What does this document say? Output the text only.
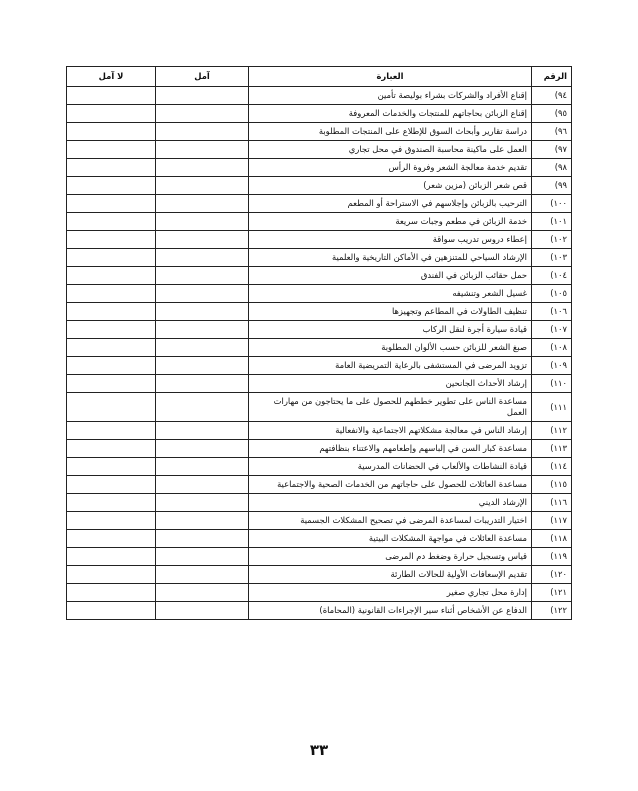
الرقم	العبارة	آمل	لا آمل
٩٤)	إقناع الأفراد والشركات بشراء بوليصة تأمين		
٩٥)	إقناع الزبائن بحاجاتهم للمنتجات والخدمات المعروفة		
٩٦)	دراسة تقارير وأبحاث السوق للإطلاع على المنتجات المطلوبة		
٩٧)	العمل على ماكينة محاسبة الصندوق في محل تجاري		
٩٨)	تقديم خدمة معالجة الشعر وفروة الرأس		
٩٩)	قص شعر الزبائن (مزين شعر)		
١٠٠)	الترحيب بالزبائن وإجلاسهم في الاستراحة أو المطعم		
١٠١)	خدمة الزبائن في مطعم وجبات سريعة		
١٠٢)	إعطاء دروس تدريب سواقة		
١٠٣)	الإرشاد السياحي للمتنزهين في الأماكن التاريخية والعلمية		
١٠٤)	حمل حقائب الزبائن في الفندق		
١٠٥)	غسيل الشعر وتنشيفه		
١٠٦)	تنظيف الطاولات في المطاعم وتجهيزها		
١٠٧)	قيادة سيارة أجرة لنقل الركاب		
١٠٨)	صبغ الشعر للزبائن حسب الألوان المطلوبة		
١٠٩)	تزويد المرضى في المستشفى بالرعاية التمريضية العامة		
١١٠)	إرشاد الأحداث الجانحين		
١١١)	مساعدة الناس على تطوير خططهم للحصول على ما يحتاجون من مهارات العمل		
١١٢)	إرشاد الناس في معالجة مشكلاتهم الاجتماعية والانفعالية		
١١٣)	مساعدة كبار السن في إلباسهم وإطعامهم والاعتناء بنظافتهم		
١١٤)	قيادة النشاطات والألعاب في الحضانات المدرسية		
١١٥)	مساعدة العائلات للحصول على حاجاتهم من الخدمات الصحية والاجتماعية		
١١٦)	الإرشاد الديني		
١١٧)	اختيار التدريبات لمساعدة المرضى في تصحيح المشكلات الجسمية		
١١٨)	مساعدة العائلات في مواجهة المشكلات البيتية		
١١٩)	قياس وتسجيل حرارة وضغط دم المرضى		
١٢٠)	تقديم الإسعافات الأولية للحالات الطارئة		
١٢١)	إدارة محل تجاري صغير		
١٢٢)	الدفاع عن الأشخاص أثناء سير الإجراءات القانونية (المحاماة)		
٣٣
